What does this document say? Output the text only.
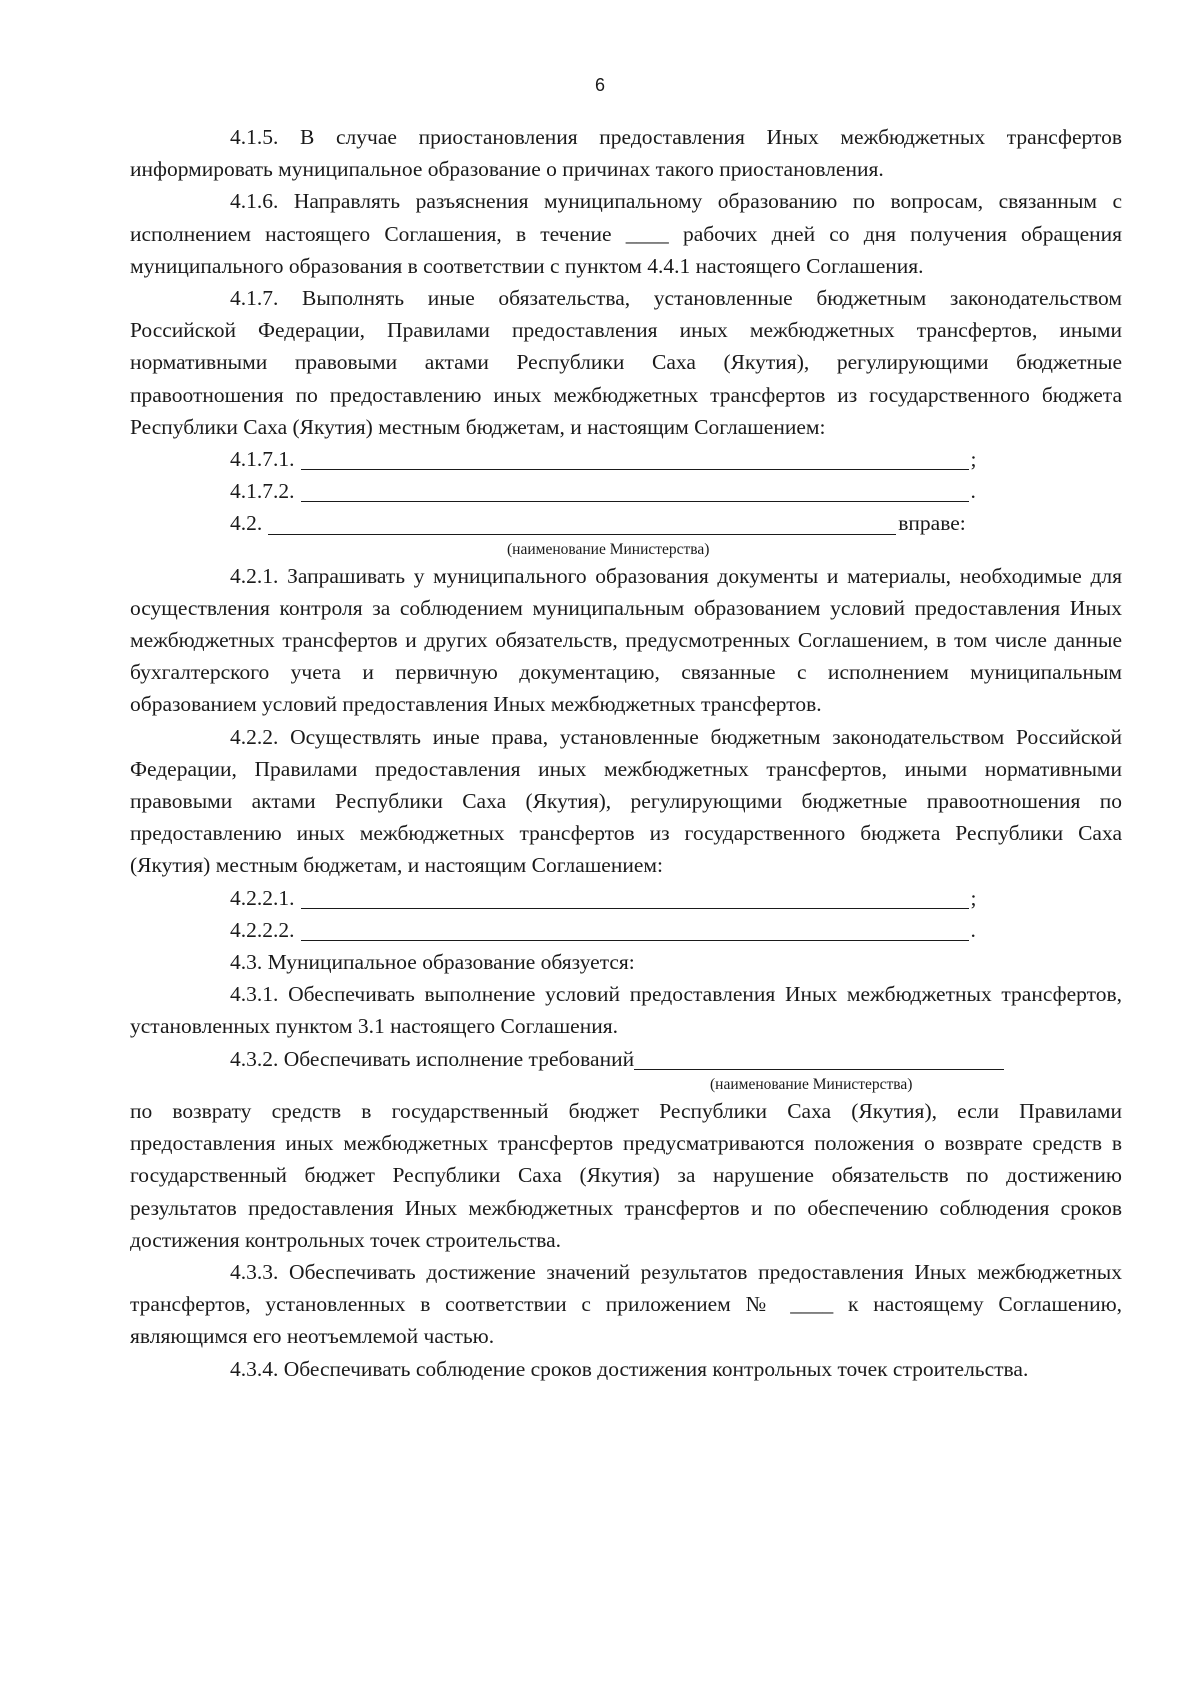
6

4.1.5. В случае приостановления предоставления Иных межбюджетных трансфертов информировать муниципальное образование о причинах такого приостановления.

4.1.6. Направлять разъяснения муниципальному образованию по вопросам, связанным с исполнением настоящего Соглашения, в течение ____ рабочих дней со дня получения обращения муниципального образования в соответствии с пунктом 4.4.1 настоящего Соглашения.

4.1.7. Выполнять иные обязательства, установленные бюджетным законодательством Российской Федерации, Правилами предоставления иных межбюджетных трансфертов, иными нормативными правовыми актами Республики Саха (Якутия), регулирующими бюджетные правоотношения по предоставлению иных межбюджетных трансфертов из государственного бюджета Республики Саха (Якутия) местным бюджетам, и настоящим Соглашением:

4.1.7.1.	;
4.1.7.2.	.
4.2.	вправе:
(наименование Министерства)

4.2.1. Запрашивать у муниципального образования документы и материалы, необходимые для осуществления контроля за соблюдением муниципальным образованием условий предоставления Иных межбюджетных трансфертов и других обязательств, предусмотренных Соглашением, в том числе данные бухгалтерского учета и первичную документацию, связанные с исполнением муниципальным образованием условий предоставления Иных межбюджетных трансфертов.

4.2.2. Осуществлять иные права, установленные бюджетным законодательством Российской Федерации, Правилами предоставления иных межбюджетных трансфертов, иными нормативными правовыми актами Республики Саха (Якутия), регулирующими бюджетные правоотношения по предоставлению иных межбюджетных трансфертов из государственного бюджета Республики Саха (Якутия) местным бюджетам, и настоящим Соглашением:

4.2.2.1.	;
4.2.2.2.	.

4.3. Муниципальное образование обязуется:

4.3.1. Обеспечивать выполнение условий предоставления Иных межбюджетных трансфертов, установленных пунктом 3.1 настоящего Соглашения.

4.3.2. Обеспечивать исполнение требований
(наименование Министерства)

по возврату средств в государственный бюджет Республики Саха (Якутия), если Правилами предоставления иных межбюджетных трансфертов предусматриваются положения о возврате средств в государственный бюджет Республики Саха (Якутия) за нарушение обязательств по достижению результатов предоставления Иных межбюджетных трансфертов и по обеспечению соблюдения сроков достижения контрольных точек строительства.

4.3.3. Обеспечивать достижение значений результатов предоставления Иных межбюджетных трансфертов, установленных в соответствии с приложением № ____ к настоящему Соглашению, являющимся его неотъемлемой частью.

4.3.4. Обеспечивать соблюдение сроков достижения контрольных точек строительства.
